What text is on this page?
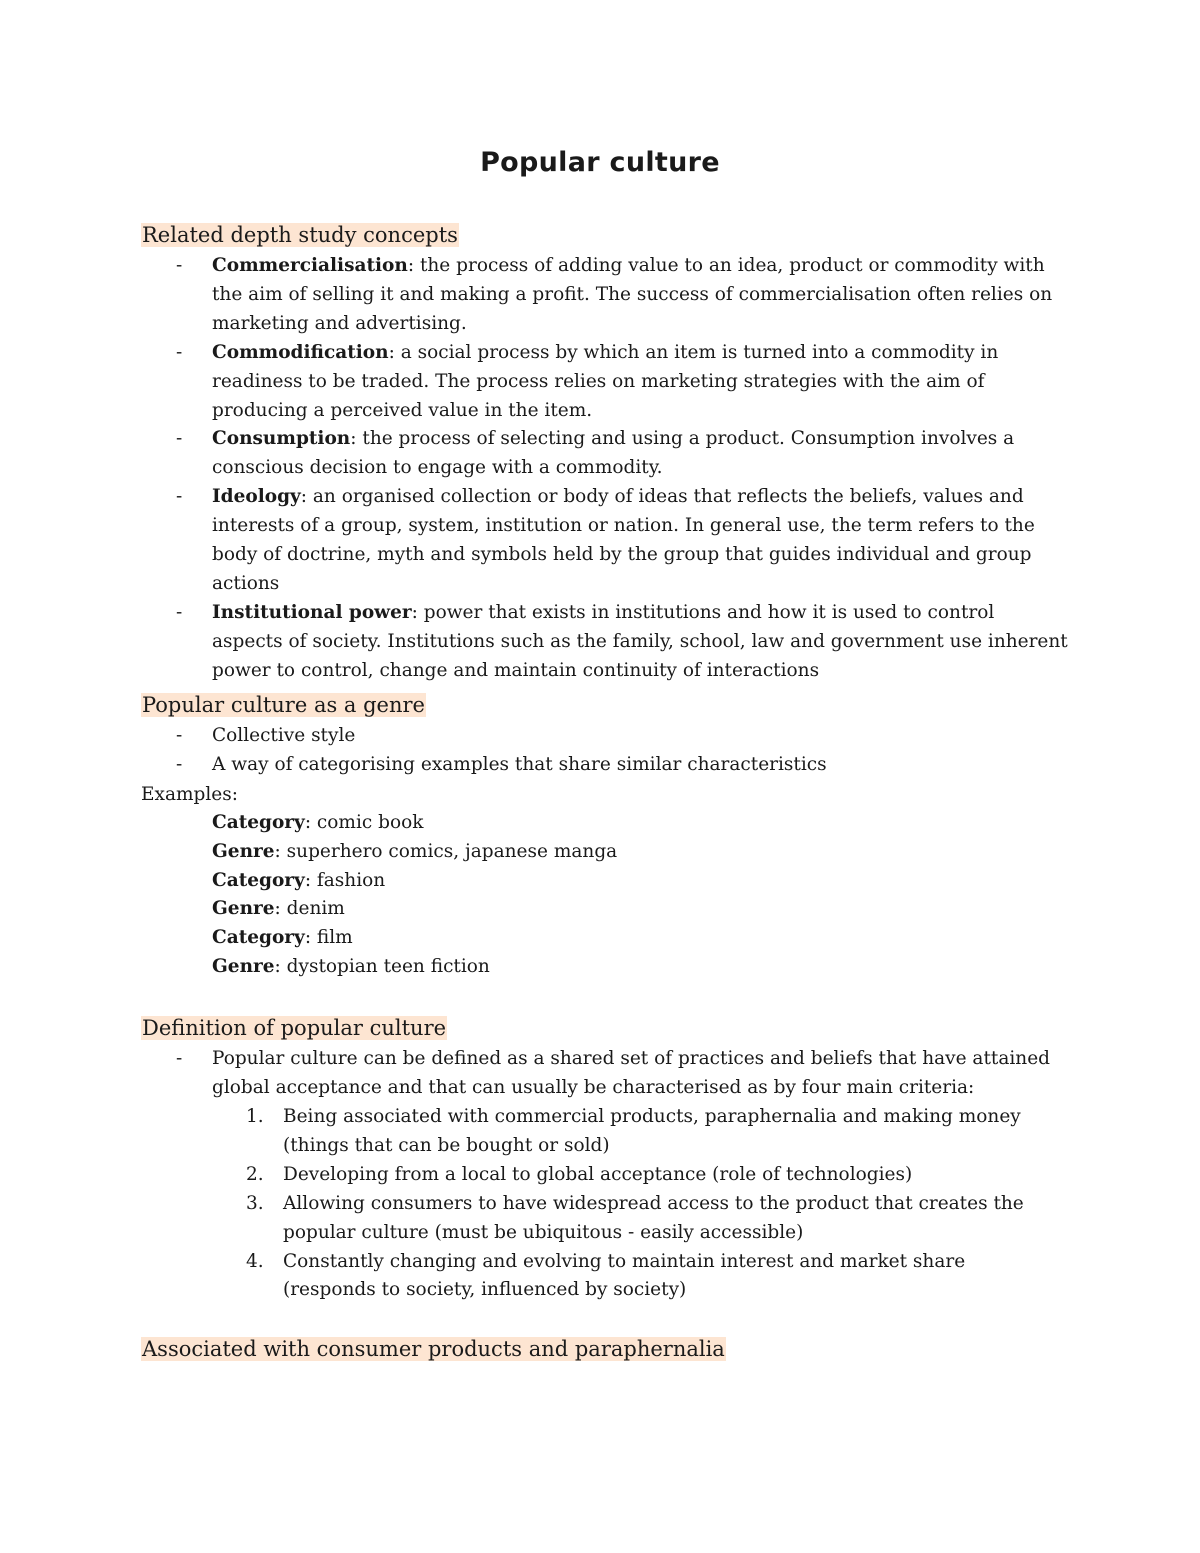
Popular culture
Related depth study concepts
- Commercialisation: the process of adding value to an idea, product or commodity with the aim of selling it and making a profit. The success of commercialisation often relies on marketing and advertising.
- Commodification: a social process by which an item is turned into a commodity in readiness to be traded. The process relies on marketing strategies with the aim of producing a perceived value in the item.
- Consumption: the process of selecting and using a product. Consumption involves a conscious decision to engage with a commodity.
- Ideology: an organised collection or body of ideas that reflects the beliefs, values and interests of a group, system, institution or nation. In general use, the term refers to the body of doctrine, myth and symbols held by the group that guides individual and group actions
- Institutional power: power that exists in institutions and how it is used to control aspects of society. Institutions such as the family, school, law and government use inherent power to control, change and maintain continuity of interactions
Popular culture as a genre
- Collective style
- A way of categorising examples that share similar characteristics
Examples:
Category: comic book
Genre: superhero comics, japanese manga
Category: fashion
Genre: denim
Category: film
Genre: dystopian teen fiction
Definition of popular culture
- Popular culture can be defined as a shared set of practices and beliefs that have attained global acceptance and that can usually be characterised as by four main criteria:
1. Being associated with commercial products, paraphernalia and making money (things that can be bought or sold)
2. Developing from a local to global acceptance (role of technologies)
3. Allowing consumers to have widespread access to the product that creates the popular culture (must be ubiquitous - easily accessible)
4. Constantly changing and evolving to maintain interest and market share (responds to society, influenced by society)
Associated with consumer products and paraphernalia
